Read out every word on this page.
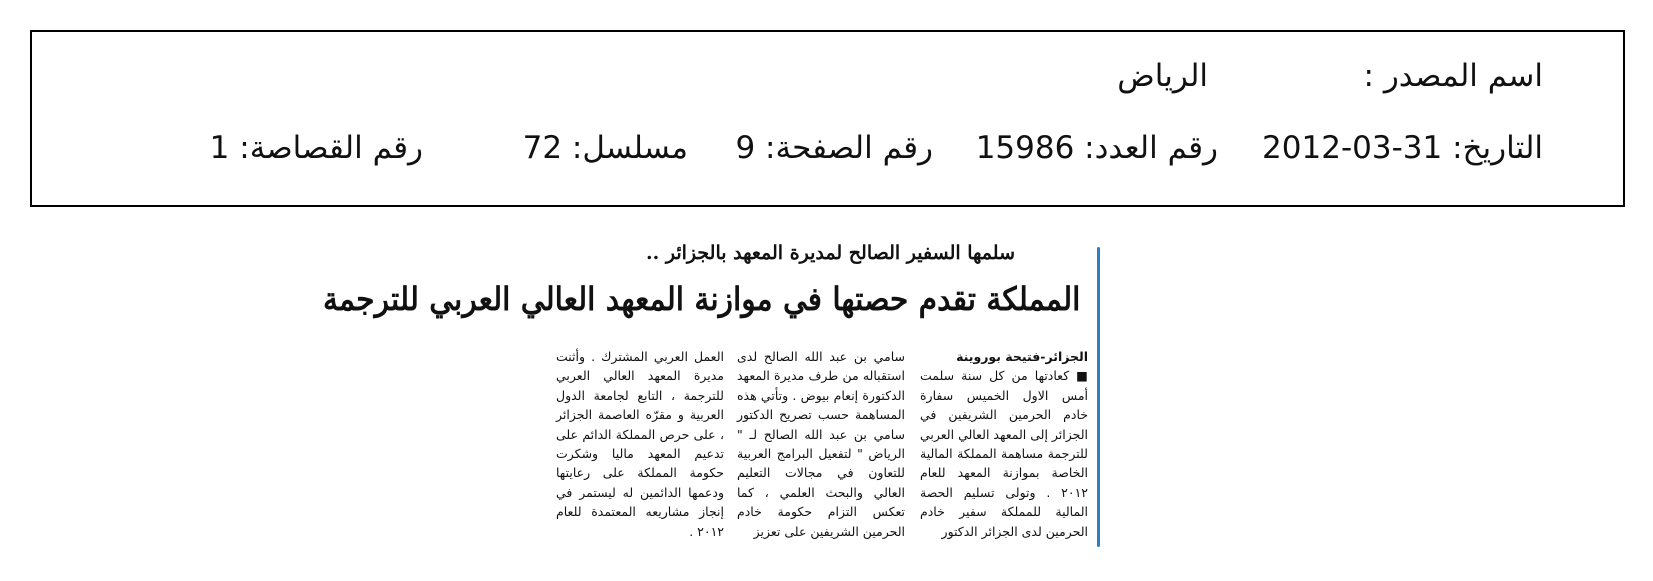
اسم المصدر :
الرياض
التاريخ: 31-03-2012
رقم العدد: 15986
رقم الصفحة: 9
مسلسل: 72
رقم القصاصة: 1
سلمها السفير الصالح لمديرة المعهد بالجزائر ..
المملكة تقدم حصتها في موازنة المعهد العالي العربي للترجمة
الجزائر-فتيحة بوروينة
■ كعادتها من كل سنة سلمت أمس الاول الخميس سفارة خادم الحرمين الشريفين في الجزائر إلى المعهد العالي العربي للترجمة مساهمة المملكة المالية الخاصة بموازنة المعهد للعام ٢٠١٢ . وتولى تسليم الحصة المالية للمملكة سفير خادم الحرمين لدى الجزائر الدكتور
سامي بن عبد الله الصالح لدى استقباله من طرف مديرة المعهد الدكتورة إنعام بيوض . وتأتي هذه المساهمة حسب تصريح الدكتور سامي بن عبد الله الصالح لـ " الرياض " لتفعيل البرامج العربية للتعاون في مجالات التعليم العالي والبحث العلمي ، كما تعكس التزام حكومة خادم الحرمين الشريفين على تعزيز
العمل العربي المشترك . وأثنت مديرة المعهد العالي العربي للترجمة ، التابع لجامعة الدول العربية و مقرّه العاصمة الجزائر ، على حرص المملكة الدائم على تدعيم المعهد ماليا وشكرت حكومة المملكة على رعايتها ودعمها الدائمين له ليستمر في إنجاز مشاريعه المعتمدة للعام ٢٠١٢ .
